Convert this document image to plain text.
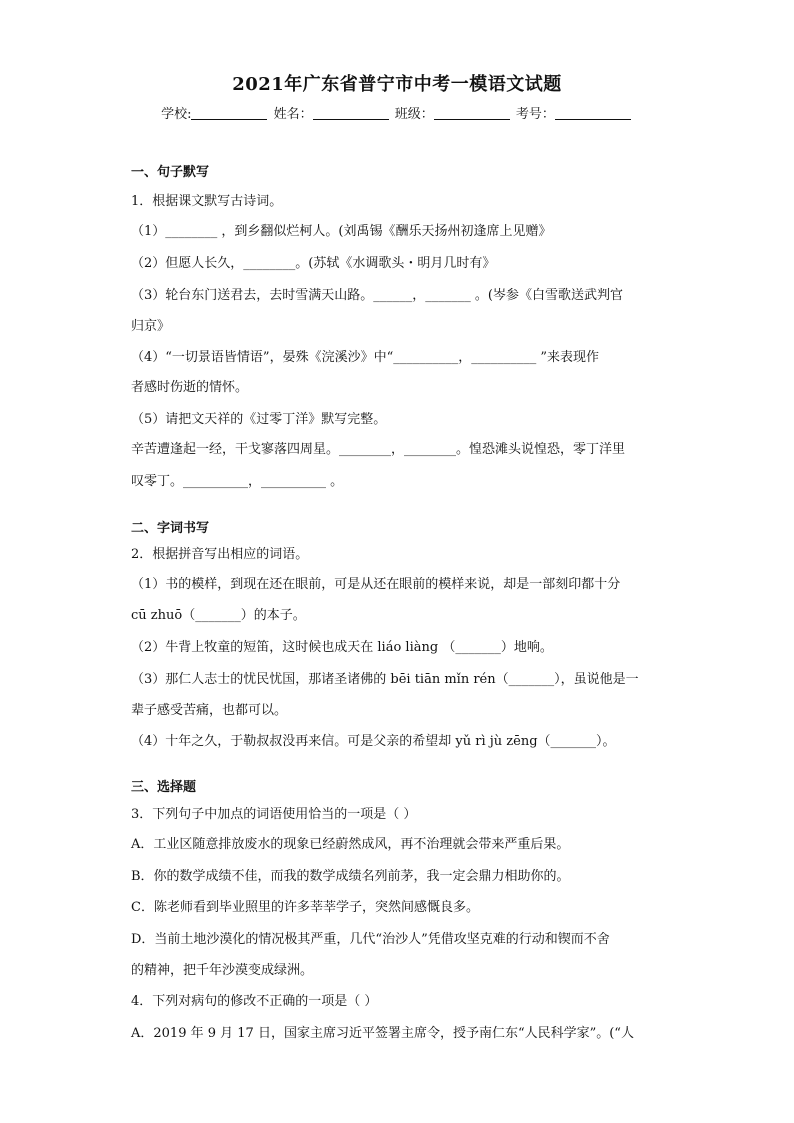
2021年广东省普宁市中考一模语文试题
学校:	姓名：	班级：	考号：
一、句子默写
1．根据课文默写古诗词。
（1）________ ，到乡翻似烂柯人。(刘禹锡《酬乐天扬州初逢席上见赠》
（2）但愿人长久，________。(苏轼《水调歌头・明月几时有》
（3）轮台东门送君去，去时雪满天山路。______，_______ 。(岑参《白雪歌送武判官
归京》
（4）“一切景语皆情语”，晏殊《浣溪沙》中“__________，__________ ”来表现作
者感时伤逝的情怀。
（5）请把文天祥的《过零丁洋》默写完整。
辛苦遭逢起一经，干戈寥落四周星。________，________。惶恐滩头说惶恐，零丁洋里
叹零丁。__________，__________ 。
二、字词书写
2．根据拼音写出相应的词语。
（1）书的模样，到现在还在眼前，可是从还在眼前的模样来说，却是一部刻印都十分
cū zhuō（_______）的本子。
（2）牛背上牧童的短笛，这时候也成天在 liáo liàng （_______）地响。
（3）那仁人志士的忧民忧国，那诸圣诸佛的 bēi tiān mǐn rén（_______），虽说他是一
辈子感受苦痛，也都可以。
（4）十年之久，于勒叔叔没再来信。可是父亲的希望却 yǔ rì jù zēng（_______）。
三、选择题
3．下列句子中加点的词语使用恰当的一项是（ ）
A．工业区随意排放废水的现象已经蔚然成风，再不治理就会带来严重后果。
B．你的数学成绩不佳，而我的数学成绩名列前茅，我一定会鼎力相助你的。
C．陈老师看到毕业照里的许多莘莘学子，突然间感慨良多。
D．当前土地沙漠化的情况极其严重，几代“治沙人”凭借攻坚克难的行动和锲而不舍
的精神，把千年沙漠变成绿洲。
4．下列对病句的修改不正确的一项是（ ）
A．2019 年 9 月 17 日，国家主席习近平签署主席令，授予南仁东“人民科学家”。(“人
